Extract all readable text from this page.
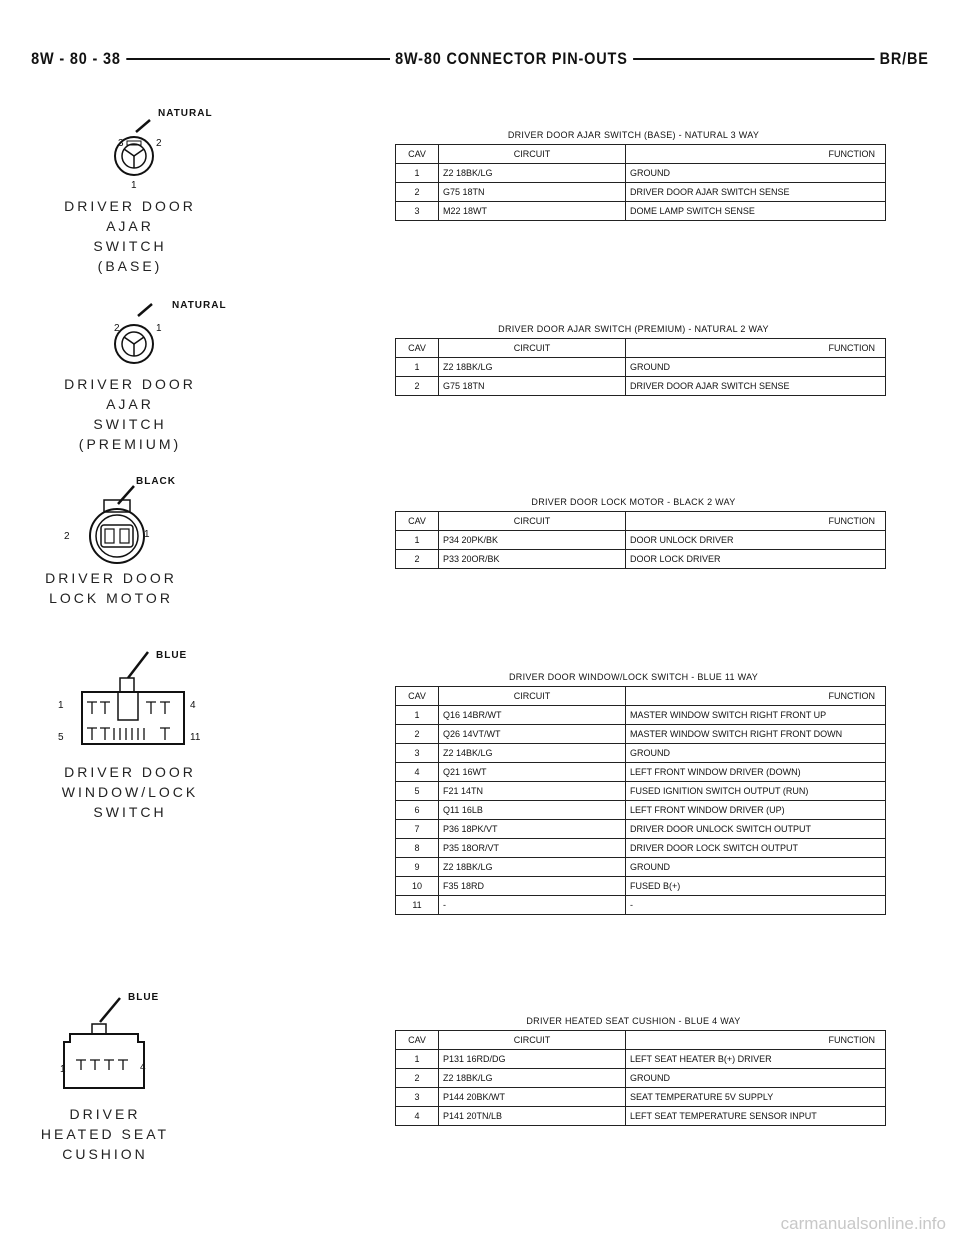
8W - 80 - 38	8W-80 CONNECTOR PIN-OUTS	BR/BE
NATURAL
3	2
1
DRIVER DOOR AJAR
SWITCH
(BASE)
DRIVER DOOR AJAR SWITCH (BASE) - NATURAL 3 WAY
CAV	CIRCUIT	FUNCTION
1	Z2 18BK/LG	GROUND
2	G75 18TN	DRIVER DOOR AJAR SWITCH SENSE
3	M22 18WT	DOME LAMP SWITCH SENSE
NATURAL
2	1
DRIVER DOOR AJAR
SWITCH
(PREMIUM)
DRIVER DOOR AJAR SWITCH (PREMIUM) - NATURAL 2 WAY
CAV	CIRCUIT	FUNCTION
1	Z2 18BK/LG	GROUND
2	G75 18TN	DRIVER DOOR AJAR SWITCH SENSE
BLACK
2	1
DRIVER DOOR
LOCK MOTOR
DRIVER DOOR LOCK MOTOR - BLACK 2 WAY
CAV	CIRCUIT	FUNCTION
1	P34 20PK/BK	DOOR UNLOCK DRIVER
2	P33 20OR/BK	DOOR LOCK DRIVER
BLUE
1	4
5	11
DRIVER DOOR
WINDOW/LOCK
SWITCH
DRIVER DOOR WINDOW/LOCK SWITCH - BLUE 11 WAY
CAV	CIRCUIT	FUNCTION
1	Q16 14BR/WT	MASTER WINDOW SWITCH RIGHT FRONT UP
2	Q26 14VT/WT	MASTER WINDOW SWITCH RIGHT FRONT DOWN
3	Z2 14BK/LG	GROUND
4	Q21 16WT	LEFT FRONT WINDOW DRIVER (DOWN)
5	F21 14TN	FUSED IGNITION SWITCH OUTPUT (RUN)
6	Q11 16LB	LEFT FRONT WINDOW DRIVER (UP)
7	P36 18PK/VT	DRIVER DOOR UNLOCK SWITCH OUTPUT
8	P35 18OR/VT	DRIVER DOOR LOCK SWITCH OUTPUT
9	Z2 18BK/LG	GROUND
10	F35 18RD	FUSED B(+)
11	-	-
BLUE
1	4
DRIVER
HEATED SEAT
CUSHION
DRIVER HEATED SEAT CUSHION - BLUE 4 WAY
CAV	CIRCUIT	FUNCTION
1	P131 16RD/DG	LEFT SEAT HEATER B(+) DRIVER
2	Z2 18BK/LG	GROUND
3	P144 20BK/WT	SEAT TEMPERATURE 5V SUPPLY
4	P141 20TN/LB	LEFT SEAT TEMPERATURE SENSOR INPUT
carmanualsonline.info
